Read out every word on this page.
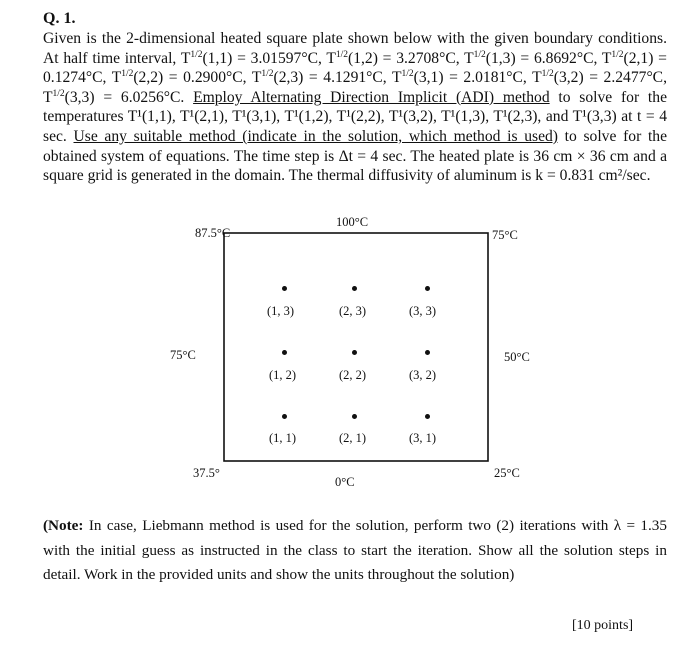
Q. 1.
Given is the 2-dimensional heated square plate shown below with the given boundary conditions. At half time interval, $T^{1/2}(1,1) = 3.01597^\circ C$, $T^{1/2}(1,2) = 3.2708^\circ C$, $T^{1/2}(1,3) = 6.8692^\circ C$, $T^{1/2}(2,1) = 0.1274^\circ C$, $T^{1/2}(2,2) = 0.2900^\circ C$, $T^{1/2}(2,3) = 4.1291^\circ C$, $T^{1/2}(3,1) = 2.0181^\circ C$, $T^{1/2}(3,2) = 2.2477^\circ C$, $T^{1/2}(3,3) = 6.0256^\circ C$. Employ Alternating Direction Implicit (ADI) method to solve for the temperatures T¹(1,1), T¹(2,1), T¹(3,1), T¹(1,2), T¹(2,2), T¹(3,2), T¹(1,3), T¹(2,3), and T¹(3,3) at t = 4 sec. Use any suitable method (indicate in the solution, which method is used) to solve for the obtained system of equations. The time step is Δt = 4 sec. The heated plate is 36 cm × 36 cm and a square grid is generated in the domain. The thermal diffusivity of aluminum is k = 0.831 cm²/sec.
100°C
87.5°C	75°C
75°C	50°C
37.5°	25°C
0°C
(1, 3)	(2, 3)	(3, 3)
(1, 2)	(2, 2)	(3, 2)
(1, 1)	(2, 1)	(3, 1)
(Note: In case, Liebmann method is used for the solution, perform two (2) iterations with λ = 1.35 with the initial guess as instructed in the class to start the iteration. Show all the solution steps in detail. Work in the provided units and show the units throughout the solution)
[10 points]
